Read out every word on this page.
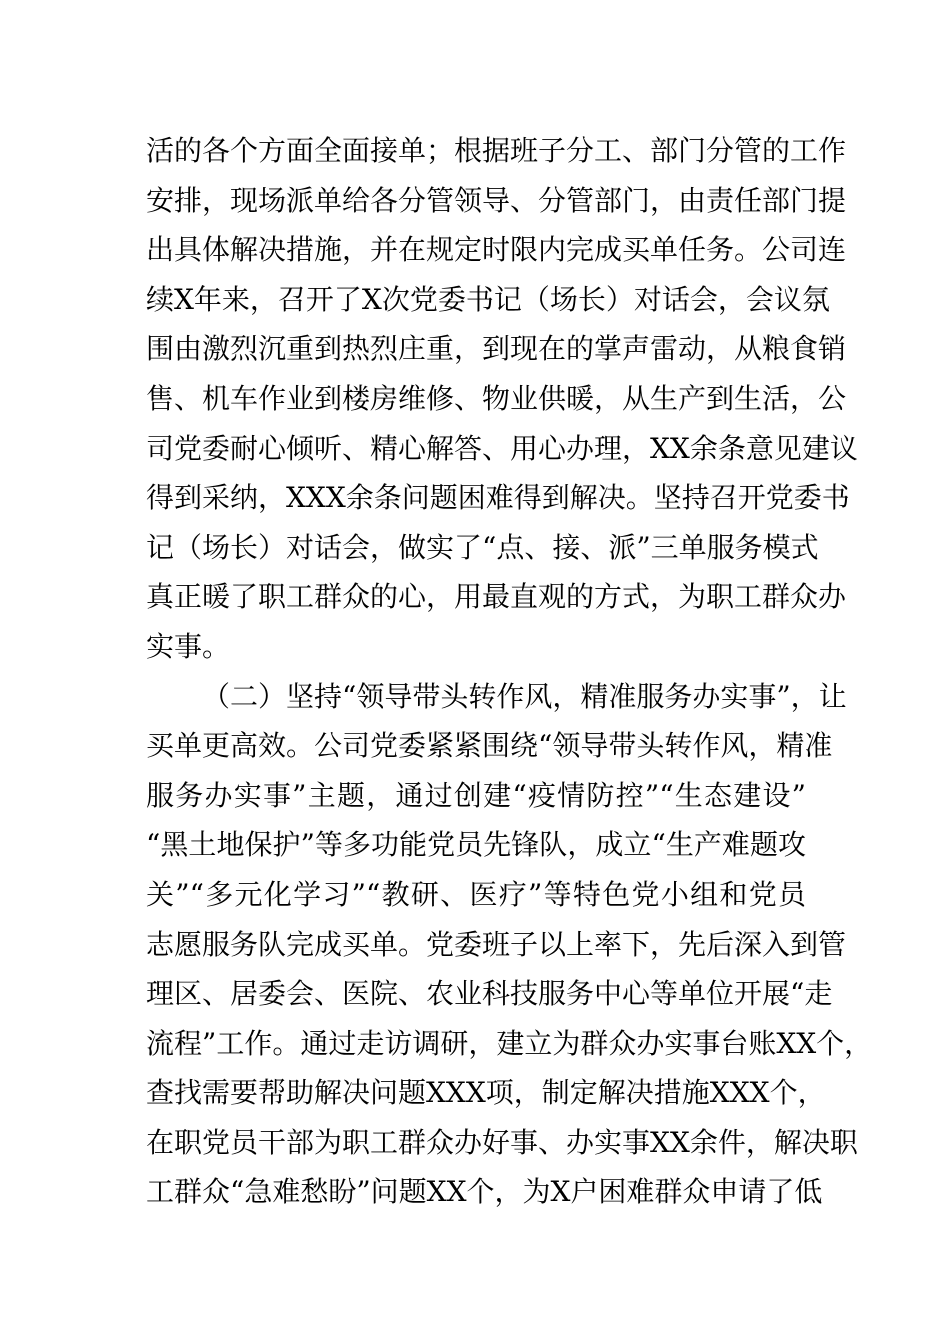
活的各个方面全面接单；根据班子分工、部门分管的工作
安排，现场派单给各分管领导、分管部门，由责任部门提
出具体解决措施，并在规定时限内完成买单任务。公司连
续X年来，召开了X次党委书记（场长）对话会，会议氛
围由激烈沉重到热烈庄重，到现在的掌声雷动，从粮食销
售、机车作业到楼房维修、物业供暖，从生产到生活，公
司党委耐心倾听、精心解答、用心办理，XX余条意见建议
得到采纳，XXX余条问题困难得到解决。坚持召开党委书
记（场长）对话会，做实了“点、接、派”三单服务模式
真正暖了职工群众的心，用最直观的方式，为职工群众办
实事。
（二）坚持“领导带头转作风，精准服务办实事”，让
买单更高效。公司党委紧紧围绕“领导带头转作风，精准
服务办实事”主题，通过创建“疫情防控”“生态建设”
“黑土地保护”等多功能党员先锋队，成立“生产难题攻
关”“多元化学习”“教研、医疗”等特色党小组和党员
志愿服务队完成买单。党委班子以上率下，先后深入到管
理区、居委会、医院、农业科技服务中心等单位开展“走
流程”工作。通过走访调研，建立为群众办实事台账XX个，
查找需要帮助解决问题XXX项，制定解决措施XXX个，
在职党员干部为职工群众办好事、办实事XX余件，解决职
工群众“急难愁盼”问题XX个，为X户困难群众申请了低
